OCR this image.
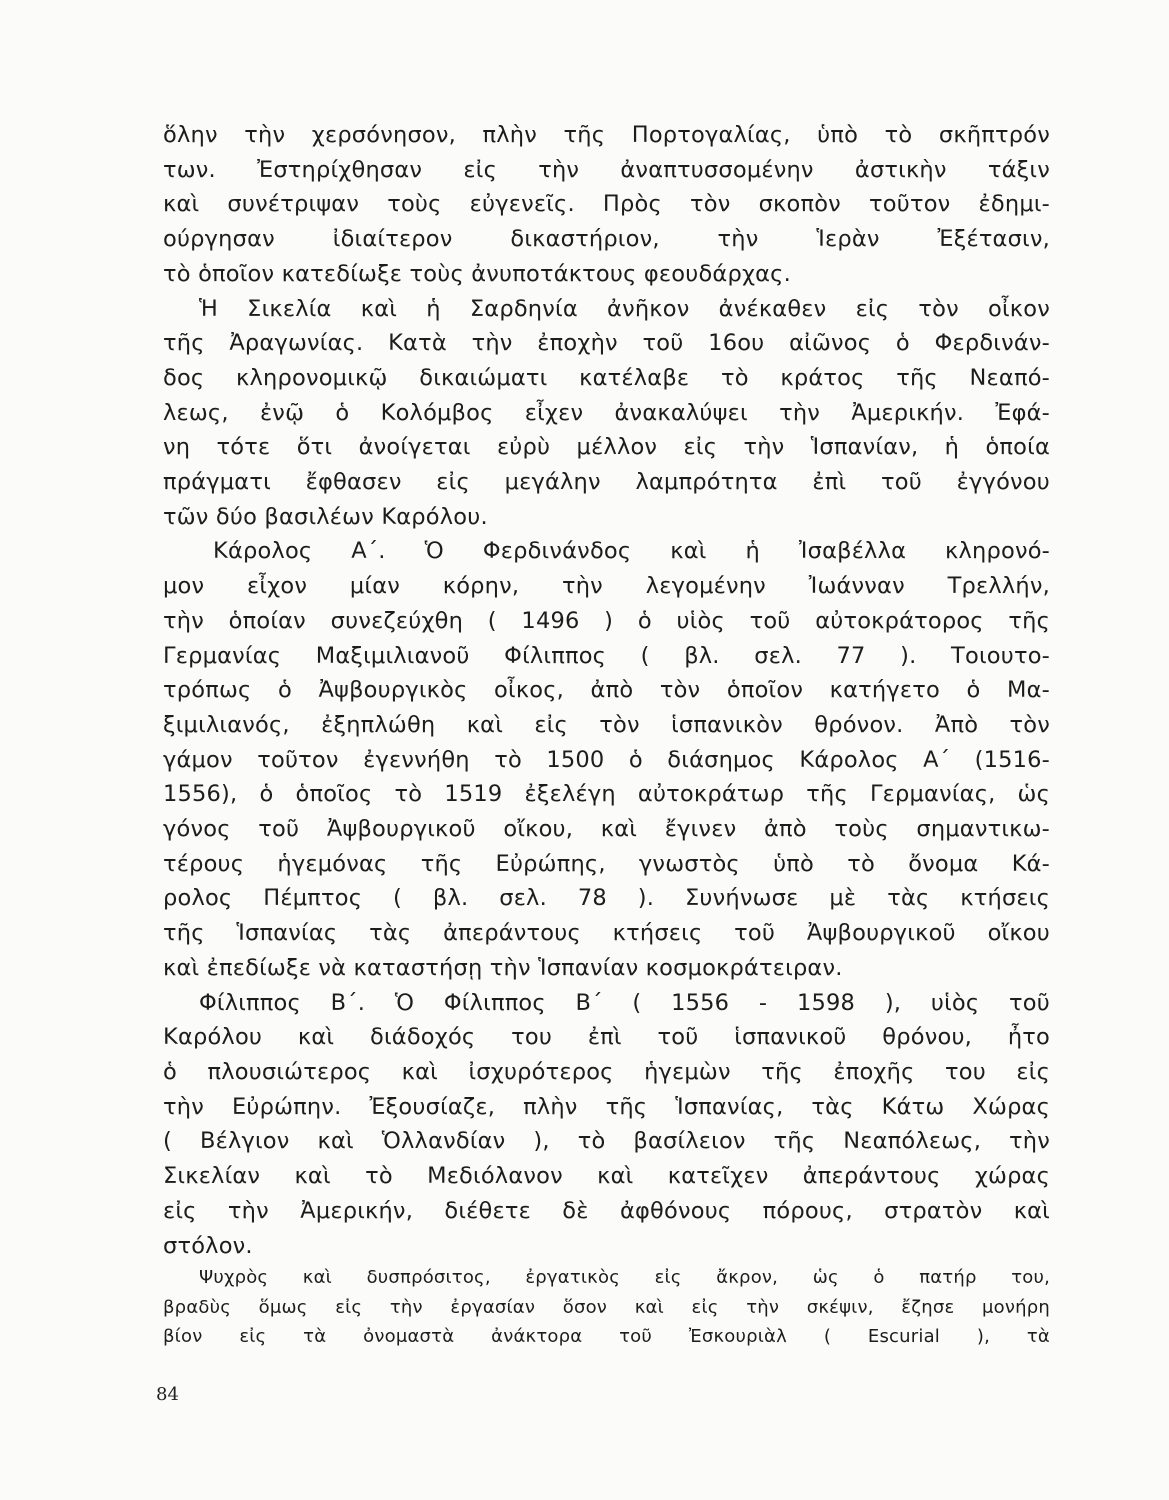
ὅλην τὴν χερσόνησον, πλὴν τῆς Πορτογαλίας, ὑπὸ τὸ σκῆπτρόν
των. Ἐστηρίχθησαν εἰς τὴν ἀναπτυσσομένην ἀστικὴν τάξιν
καὶ συνέτριψαν τοὺς εὐγενεῖς. Πρὸς τὸν σκοπὸν τοῦτον ἐδημι-
ούργησαν ἰδιαίτερον δικαστήριον, τὴν Ἱερὰν Ἐξέτασιν,
τὸ ὁποῖον κατεδίωξε τοὺς ἀνυποτάκτους φεουδάρχας.
Ἡ Σικελία καὶ ἡ Σαρδηνία ἀνῆκον ἀνέκαθεν εἰς τὸν οἶκον
τῆς Ἀραγωνίας. Κατὰ τὴν ἐποχὴν τοῦ 16ου αἰῶνος ὁ Φερδινάν-
δος κληρονομικῷ δικαιώματι κατέλαβε τὸ κράτος τῆς Νεαπό-
λεως, ἐνῷ ὁ Κολόμβος εἶχεν ἀνακαλύψει τὴν Ἀμερικήν. Ἐφά-
νη τότε ὅτι ἀνοίγεται εὐρὺ μέλλον εἰς τὴν Ἱσπανίαν, ἡ ὁποία
πράγματι ἔφθασεν εἰς μεγάλην λαμπρότητα ἐπὶ τοῦ ἐγγόνου
τῶν δύο βασιλέων Καρόλου.
Κάρολος Α΄. Ὁ Φερδινάνδος καὶ ἡ Ἰσαβέλλα κληρονό-
μον εἶχον μίαν κόρην, τὴν λεγομένην Ἰωάνναν Τρελλήν,
τὴν ὁποίαν συνεζεύχθη ( 1496 ) ὁ υἱὸς τοῦ αὐτοκράτορος τῆς
Γερμανίας Μαξιμιλιανοῦ Φίλιππος ( βλ. σελ. 77 ). Τοιουτο-
τρόπως ὁ Ἀψβουργικὸς οἶκος, ἀπὸ τὸν ὁποῖον κατήγετο ὁ Μα-
ξιμιλιανός, ἐξηπλώθη καὶ εἰς τὸν ἱσπανικὸν θρόνον. Ἀπὸ τὸν
γάμον τοῦτον ἐγεννήθη τὸ 1500 ὁ διάσημος Κάρολος Α΄ (1516-
1556), ὁ ὁποῖος τὸ 1519 ἐξελέγη αὐτοκράτωρ τῆς Γερμανίας, ὡς
γόνος τοῦ Ἀψβουργικοῦ οἴκου, καὶ ἔγινεν ἀπὸ τοὺς σημαντικω-
τέρους ἡγεμόνας τῆς Εὐρώπης, γνωστὸς ὑπὸ τὸ ὄνομα Κά-
ρολος Πέμπτος ( βλ. σελ. 78 ). Συνήνωσε μὲ τὰς κτήσεις
τῆς Ἱσπανίας τὰς ἀπεράντους κτήσεις τοῦ Ἀψβουργικοῦ οἴκου
καὶ ἐπεδίωξε νὰ καταστήσῃ τὴν Ἱσπανίαν κοσμοκράτειραν.
Φίλιππος Β΄. Ὁ Φίλιππος Β΄ ( 1556 - 1598 ), υἱὸς τοῦ
Καρόλου καὶ διάδοχός του ἐπὶ τοῦ ἱσπανικοῦ θρόνου, ἦτο
ὁ πλουσιώτερος καὶ ἰσχυρότερος ἡγεμὼν τῆς ἐποχῆς του εἰς
τὴν Εὐρώπην. Ἐξουσίαζε, πλὴν τῆς Ἱσπανίας, τὰς Κάτω Χώρας
( Βέλγιον καὶ Ὁλλανδίαν ), τὸ βασίλειον τῆς Νεαπόλεως, τὴν
Σικελίαν καὶ τὸ Μεδιόλανον καὶ κατεῖχεν ἀπεράντους χώρας
εἰς τὴν Ἀμερικήν, διέθετε δὲ ἀφθόνους πόρους, στρατὸν καὶ
στόλον.
Ψυχρὸς καὶ δυσπρόσιτος, ἐργατικὸς εἰς ἄκρον, ὡς ὁ πατήρ του,
βραδὺς ὅμως εἰς τὴν ἐργασίαν ὅσον καὶ εἰς τὴν σκέψιν, ἔζησε μονήρη
βίον εἰς τὰ ὀνομαστὰ ἀνάκτορα τοῦ Ἐσκουριὰλ ( Escurial ), τὰ
84
